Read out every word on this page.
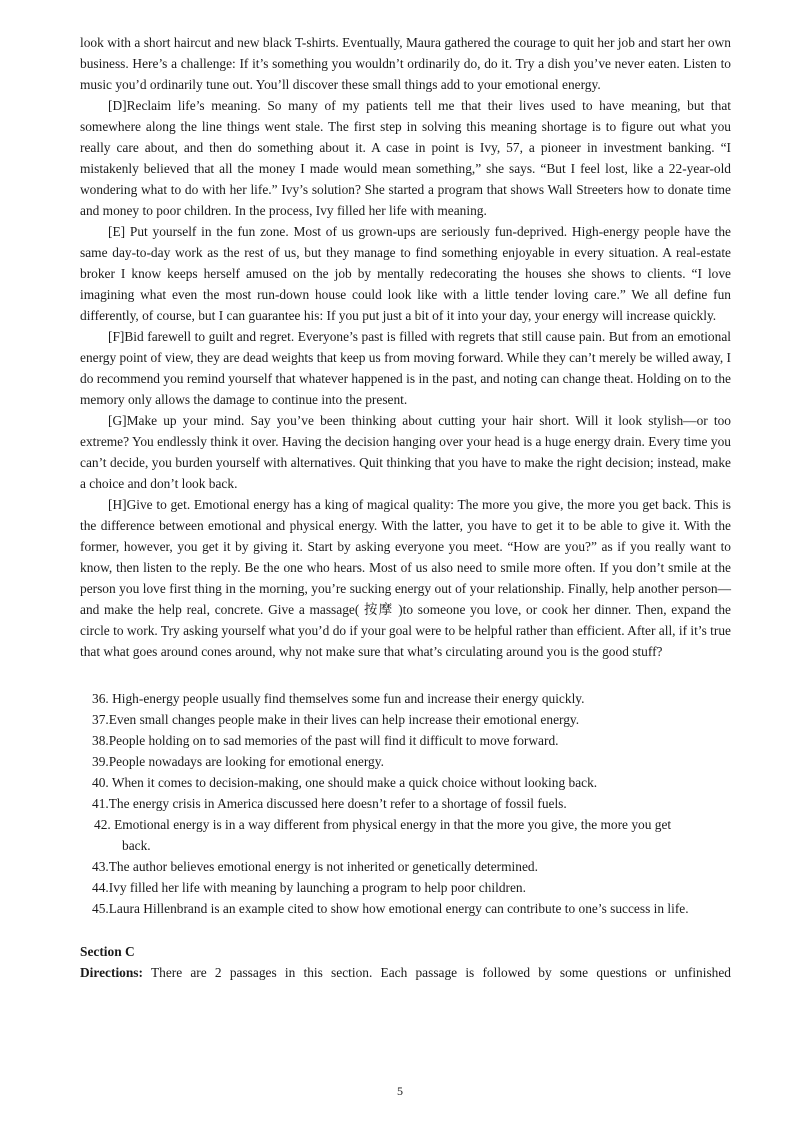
look with a short haircut and new black T-shirts. Eventually, Maura gathered the courage to quit her job and start her own business. Here’s a challenge: If it’s something you wouldn’t ordinarily do, do it. Try a dish you’ve never eaten. Listen to music you’d ordinarily tune out. You’ll discover these small things add to your emotional energy.

[D]Reclaim life’s meaning. So many of my patients tell me that their lives used to have meaning, but that somewhere along the line things went stale. The first step in solving this meaning shortage is to figure out what you really care about, and then do something about it. A case in point is Ivy, 57, a pioneer in investment banking. “I mistakenly believed that all the money I made would mean something,” she says. “But I feel lost, like a 22-year-old wondering what to do with her life.” Ivy’s solution? She started a program that shows Wall Streeters how to donate time and money to poor children. In the process, Ivy filled her life with meaning.

[E] Put yourself in the fun zone. Most of us grown-ups are seriously fun-deprived. High-energy people have the same day-to-day work as the rest of us, but they manage to find something enjoyable in every situation. A real-estate broker I know keeps herself amused on the job by mentally redecorating the houses she shows to clients. “I love imagining what even the most run-down house could look like with a little tender loving care.” We all define fun differently, of course, but I can guarantee his: If you put just a bit of it into your day, your energy will increase quickly.

[F]Bid farewell to guilt and regret. Everyone’s past is filled with regrets that still cause pain. But from an emotional energy point of view, they are dead weights that keep us from moving forward. While they can’t merely be willed away, I do recommend you remind yourself that whatever happened is in the past, and noting can change theat. Holding on to the memory only allows the damage to continue into the present.

[G]Make up your mind. Say you’ve been thinking about cutting your hair short. Will it look stylish—or too extreme? You endlessly think it over. Having the decision hanging over your head is a huge energy drain. Every time you can’t decide, you burden yourself with alternatives. Quit thinking that you have to make the right decision; instead, make a choice and don’t look back.

[H]Give to get. Emotional energy has a king of magical quality: The more you give, the more you get back. This is the difference between emotional and physical energy. With the latter, you have to get it to be able to give it. With the former, however, you get it by giving it. Start by asking everyone you meet. “How are you?” as if you really want to know, then listen to the reply. Be the one who hears. Most of us also need to smile more often. If you don’t smile at the person you love first thing in the morning, you’re sucking energy out of your relationship. Finally, help another person—and make the help real, concrete. Give a massage( 按摩 )to someone you love, or cook her dinner. Then, expand the circle to work. Try asking yourself what you’d do if your goal were to be helpful rather than efficient. After all, if it’s true that what goes around cones around, why not make sure that what’s circulating around you is the good stuff?

36. High-energy people usually find themselves some fun and increase their energy quickly.

37.Even small changes people make in their lives can help increase their emotional energy.

38.People holding on to sad memories of the past will find it difficult to move forward.

39.People nowadays are looking for emotional energy.

40. When it comes to decision-making, one should make a quick choice without looking back.

41.The energy crisis in America discussed here doesn’t refer to a shortage of fossil fuels.

42. Emotional energy is in a way different from physical energy in that the more you give, the more you get
back.

43.The author believes emotional energy is not inherited or genetically determined.

44.Ivy filled her life with meaning by launching a program to help poor children.

45.Laura Hillenbrand is an example cited to show how emotional energy can contribute to one’s success in life.

Section C

Directions: There are 2 passages in this section. Each passage is followed by some questions or unfinished

5
